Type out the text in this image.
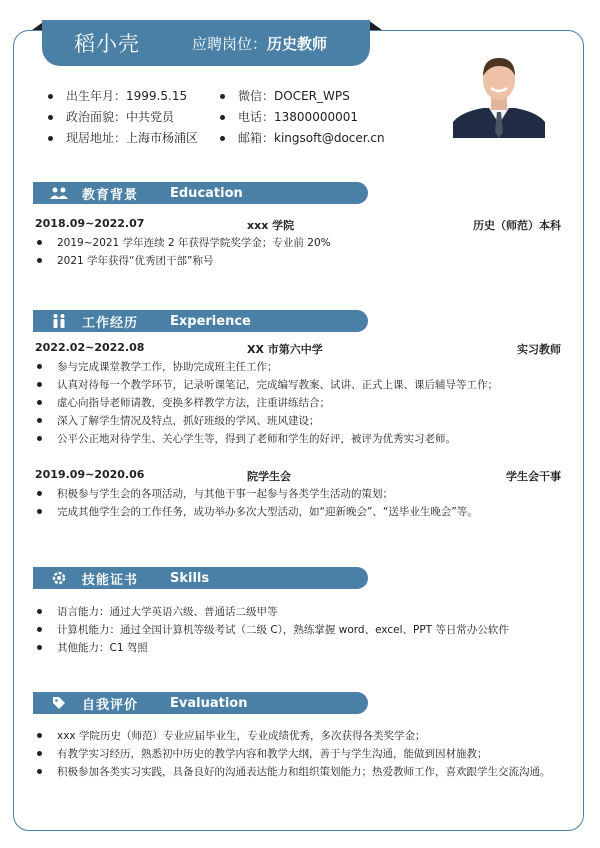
稻小壳	应聘岗位： 历史教师
出生年月： 1999.5.15
政治面貌： 中共党员
现居地址： 上海市杨浦区
微信： DOCER_WPS
电话： 13800000001
邮箱： kingsoft@docer.cn
教育背景	Education
2018.09~2022.07	xxx 学院	历史（师范）本科
2019~2021 学年连续 2 年获得学院奖学金；专业前 20%
2021 学年获得“优秀团干部”称号
工作经历	Experience
2022.02~2022.08	XX 市第六中学	实习教师
参与完成课堂教学工作，协助完成班主任工作；
认真对待每一个教学环节，记录听课笔记，完成编写教案、试讲、正式上课、课后辅导等工作；
虚心向指导老师请教，变换多样教学方法，注重讲练结合；
深入了解学生情况及特点，抓好班级的学风、班风建设；
公平公正地对待学生、关心学生等，得到了老师和学生的好评，被评为优秀实习老师。
2019.09~2020.06	院学生会	学生会干事
积极参与学生会的各项活动，与其他干事一起参与各类学生活动的策划；
完成其他学生会的工作任务，成功举办多次大型活动，如“迎新晚会”、“送毕业生晚会”等。
技能证书	Skills
语言能力：通过大学英语六级、普通话二级甲等
计算机能力：通过全国计算机等级考试（二级 C），熟练掌握 word、excel、PPT 等日常办公软件
其他能力：C1 驾照
自我评价	Evaluation
xxx 学院历史（师范）专业应届毕业生，专业成绩优秀，多次获得各类奖学金；
有教学实习经历，熟悉初中历史的教学内容和教学大纲，善于与学生沟通，能做到因材施教；
积极参加各类实习实践，具备良好的沟通表达能力和组织策划能力；热爱教师工作，喜欢跟学生交流沟通。
